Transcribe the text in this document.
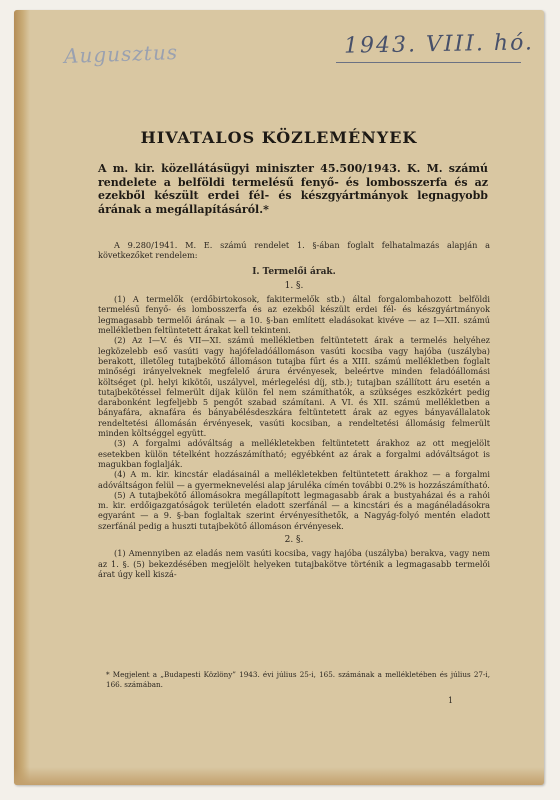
Augusztus	1943. VIII. hó.
HIVATALOS KÖZLEMÉNYEK
A m. kir. közellátásügyi miniszter 45.500/1943. K. M. számú rendelete a belföldi termelésű fenyő- és lombosszerfa és az ezekből készült erdei fél- és készgyártmányok legnagyobb árának a megállapításáról.*

A 9.280/1941. M. E. számú rendelet 1. §-ában foglalt felhatalmazás alapján a következőket rendelem:

I. Termelői árak.
1. §.

(1) A termelők (erdőbirtokosok, fakitermelők stb.) által forgalombahozott belföldi termelésű fenyő- és lombosszerfa és az ezekből készült erdei fél- és készgyártmányok legmagasabb termelői árának — a 10. §-ban említett eladásokat kivéve — az I—XII. számú mellékletben feltüntetett árakat kell tekinteni.

(2) Az I—V. és VII—XI. számú mellékletben feltüntetett árak a termelés helyéhez legközelebb eső vasúti vagy hajófeladóállomáson vasúti kocsiba vagy hajóba (uszályba) berakott, illetőleg tutajbekötő állomáson tutajba fűrt és a XIII. számú mellékletben foglalt minőségi irányelveknek megfelelő árura érvényesek, beleértve minden feladóállomási költséget (pl. helyi kikötői, uszályvel, mérlegelési díj, stb.); tutajban szállított áru esetén a tutajbekötéssel felmerült díjak külön fel nem számíthatók, a szükséges eszközkért pedig darabonként legfeljebb 5 pengőt szabad számítani. A VI. és XII. számú mellékletben a bányafára, aknafára és bányabélésdeszkára feltüntetett árak az egyes bányavállalatok rendeltetési állomásán érvényesek, vasúti kocsiban, a rendeltetési állomásig felmerült minden költséggel együtt.

(3) A forgalmi adóváltság a mellékletekben feltüntetett árakhoz az ott megjelölt esetekben külön tételként hozzászámítható; egyébként az árak a forgalmi adóváltságot is magukban foglalják.

(4) A m. kir. kincstár eladásainál a mellékletekben feltüntetett árakhoz — a forgalmi adóváltságon felül — a gyermeknevelési alap járuléka címén további 0.2% is hozzászámítható.

(5) A tutajbekötő állomásokra megállapított legmagasabb árak a bustyaházai és a rahói m. kir. erdőigazgatóságok területén eladott szerfánál — a kincstári és a magánéladásokra egyaránt — a 9. §-ban foglaltak szerint érvényesíthetők, a Nagyág-folyó mentén eladott szerfánál pedig a huszti tutajbekötő állomáson érvényesek.

2. §.

(1) Amennyiben az eladás nem vasúti kocsiba, vagy hajóba (uszályba) berakva, vagy nem az 1. §. (5) bekezdésében megjelölt helyeken tutajbakötve történik a legmagasabb termelői árat úgy kell kiszá-

* Megjelent a „Budapesti Közlöny” 1943. évi július 25-i, 165. számának a mellékletében és július 27-i, 166. számában.
1
